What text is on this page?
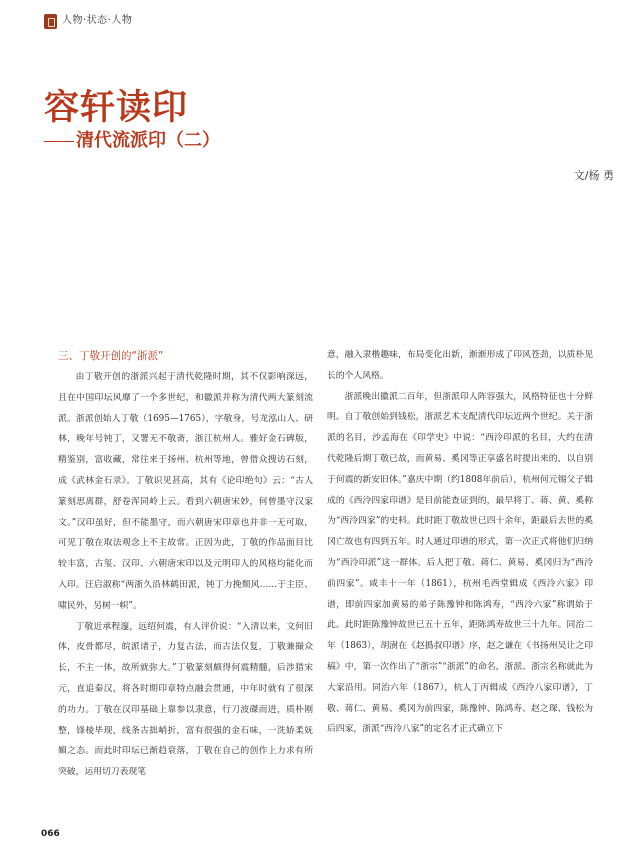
人物·状态·人物
容轩读印
清代流派印（二）
文/杨 勇

三、丁敬开创的“浙派”

由丁敬开创的浙派兴起于清代乾隆时期，其不仅影响深远，且在中国印坛风靡了一个多世纪，和徽派并称为清代两大篆刻流派。浙派创始人丁敬（1695—1765），字敬身，号龙泓山人、研林，晚年号钝丁，又署无不敬斋，浙江杭州人。雅好金石碑版，精鉴别，富收藏，常往来于扬州、杭州等地，曾借众搜访石刻，成《武林金石录》。丁敬识见甚高，其有《论印绝句》云：“古人篆刻思离群，舒卷浑同岭上云。看到六朝唐宋妙，何曾墨守汉家文。”汉印虽好，但不能墨守，而六朝唐宋印章也并非一无可取，可见丁敬在取法观念上不主故常。正因为此，丁敬的作品面目比较丰富，古玺、汉印、六朝唐宋印以及元明印人的风格均能化而入印。汪启淑称“两浙久沿林鹤田派，钝丁力挽颓风……于主臣、啸民外，另树一帜”。

丁敬近承程邃，远绍何震，有人评价说：“入清以来，文何旧体，皮骨都尽，皖派诸子，力复古法，而古法仅复，丁敬兼撮众长，不主一体，故所就弥大。”丁敬篆刻颇得何震精髓，后涉猎宋元，直追秦汉，将各时期印章特点融会贯通，中年时就有了很深的功力。丁敬在汉印基础上靠参以隶意，行刀波磔而进，质朴刚整，锋棱毕现，线条古拙峭折，富有很强的金石味，一洗娇柔妩媚之态。而此时印坛已渐趋衰落，丁敬在自己的创作上力求有所突破，运用切刀表现笔

意，融入隶楷趣味，布局变化出新，渐渐形成了印风苍劲，以质朴见长的个人风格。

浙派晚出徽派二百年，但浙派印人阵容强大，风格特征也十分鲜明。自丁敬创始到钱松，浙派艺术支配清代印坛近两个世纪。关于浙派的名目，沙孟海在《印学史》中说：“西泠印派的名目，大约在清代乾隆后期丁敬已故，而黄易、奚冈等正享盛名时提出来的，以自别于何震的新安旧体。”嘉庆中期（约1808年前后），杭州何元锡父子辑成的《西泠四家印谱》是目前能查证到的，最早将丁、蒋、黄、奚称为“西泠四家”的史料。此时距丁敬故世已四十余年，距最后去世的奚冈亡故也有四到五年。时人通过印谱的形式，第一次正式将他们归纳为“西泠印派”这一群体。后人把丁敬、蒋仁、黄易、奚冈归为“西泠前四家”。咸丰十一年（1861），杭州毛西堂辑成《西泠六家》印谱，即前四家加黄易的弟子陈豫钟和陈鸿寿，“西泠六家”称谓始于此。此时距陈豫钟故世已五十五年，距陈鸿寿故世三十九年。同治二年（1863），胡澍在《赵撝叔印谱》序，赵之谦在《书扬州吴让之印稿》中，第一次作出了“浙宗”“浙派”的命名，浙派、浙宗名称就此为大家沿用。同治六年（1867），杭人丁丙辑成《西泠八家印谱》，丁敬、蒋仁、黄易、奚冈为前四家，陈豫钟、陈鸿寿、赵之琛、钱松为后四家，浙派“西泠八家”的定名才正式确立下

066
